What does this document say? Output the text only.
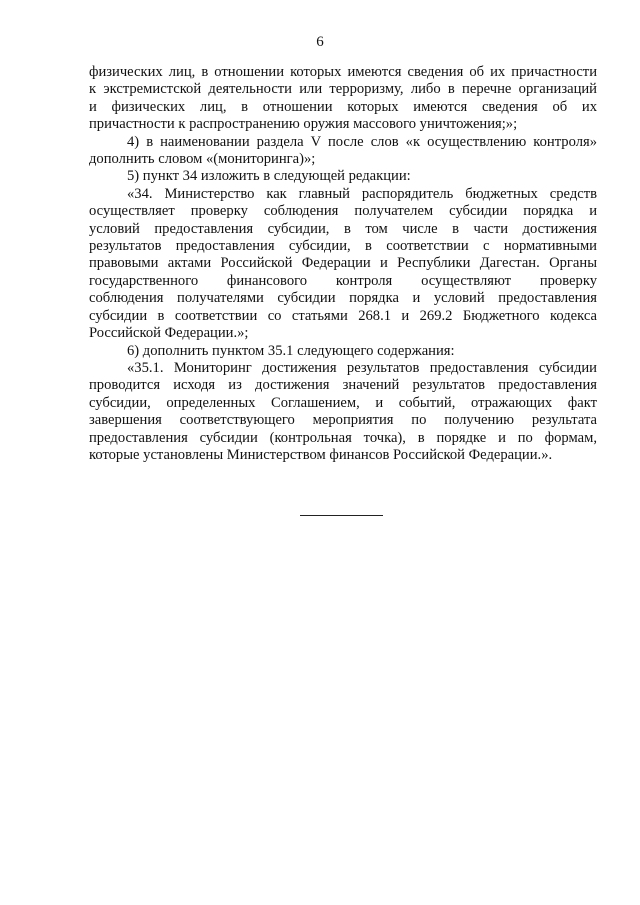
6

физических лиц, в отношении которых имеются сведения об их причастности
к экстремистской деятельности или терроризму, либо в перечне организаций
и физических лиц, в отношении которых имеются сведения об их
причастности к распространению оружия массового уничтожения;»;

4) в наименовании раздела V после слов «к осуществлению контроля»
дополнить словом «(мониторинга)»;

5) пункт 34 изложить в следующей редакции:

«34. Министерство как главный распорядитель бюджетных средств
осуществляет проверку соблюдения получателем субсидии порядка и
условий предоставления субсидии, в том числе в части достижения
результатов предоставления субсидии, в соответствии с нормативными
правовыми актами Российской Федерации и Республики Дагестан. Органы
государственного финансового контроля осуществляют проверку
соблюдения получателями субсидии порядка и условий предоставления
субсидии в соответствии со статьями 268.1 и 269.2 Бюджетного кодекса
Российской Федерации.»;

6) дополнить пунктом 35.1 следующего содержания:

«35.1. Мониторинг достижения результатов предоставления субсидии
проводится исходя из достижения значений результатов предоставления
субсидии, определенных Соглашением, и событий, отражающих факт
завершения соответствующего мероприятия по получению результата
предоставления субсидии (контрольная точка), в порядке и по формам,
которые установлены Министерством финансов Российской Федерации.».
